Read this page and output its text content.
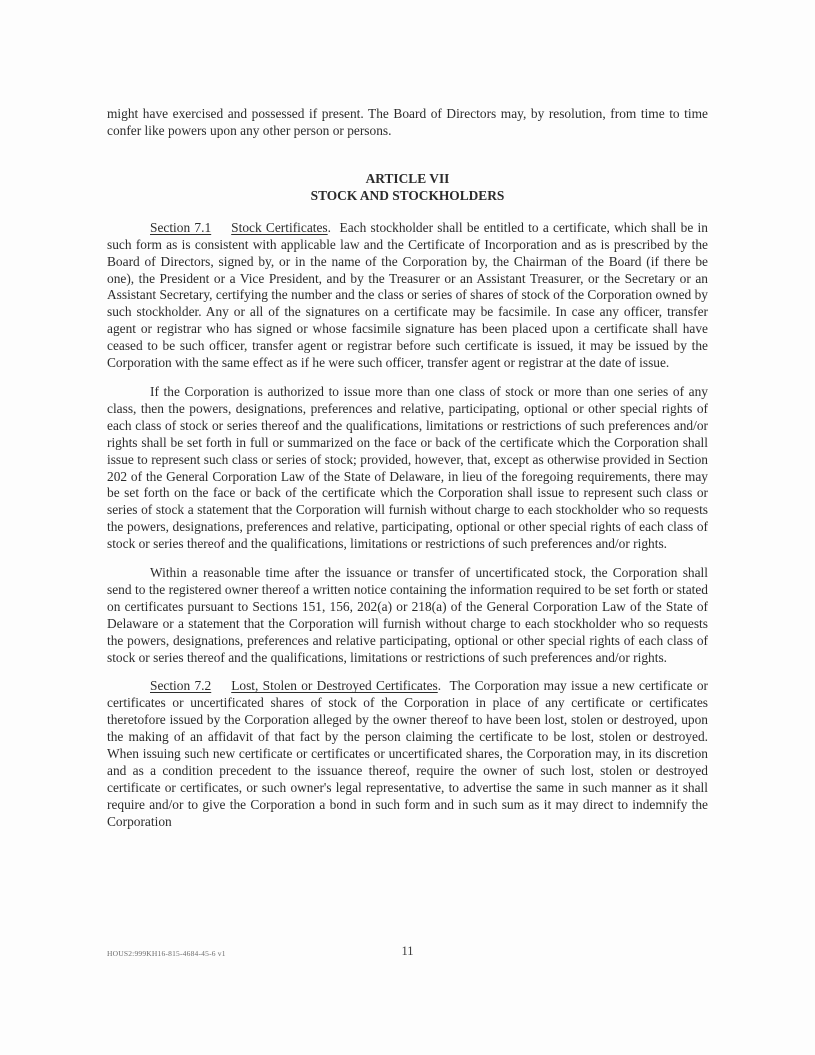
might have exercised and possessed if present. The Board of Directors may, by resolution, from time to time confer like powers upon any other person or persons.

ARTICLE VII
STOCK AND STOCKHOLDERS

Section 7.1 Stock Certificates. Each stockholder shall be entitled to a certificate, which shall be in such form as is consistent with applicable law and the Certificate of Incorporation and as is prescribed by the Board of Directors, signed by, or in the name of the Corporation by, the Chairman of the Board (if there be one), the President or a Vice President, and by the Treasurer or an Assistant Treasurer, or the Secretary or an Assistant Secretary, certifying the number and the class or series of shares of stock of the Corporation owned by such stockholder. Any or all of the signatures on a certificate may be facsimile. In case any officer, transfer agent or registrar who has signed or whose facsimile signature has been placed upon a certificate shall have ceased to be such officer, transfer agent or registrar before such certificate is issued, it may be issued by the Corporation with the same effect as if he were such officer, transfer agent or registrar at the date of issue.

If the Corporation is authorized to issue more than one class of stock or more than one series of any class, then the powers, designations, preferences and relative, participating, optional or other special rights of each class of stock or series thereof and the qualifications, limitations or restrictions of such preferences and/or rights shall be set forth in full or summarized on the face or back of the certificate which the Corporation shall issue to represent such class or series of stock; provided, however, that, except as otherwise provided in Section 202 of the General Corporation Law of the State of Delaware, in lieu of the foregoing requirements, there may be set forth on the face or back of the certificate which the Corporation shall issue to represent such class or series of stock a statement that the Corporation will furnish without charge to each stockholder who so requests the powers, designations, preferences and relative, participating, optional or other special rights of each class of stock or series thereof and the qualifications, limitations or restrictions of such preferences and/or rights.

Within a reasonable time after the issuance or transfer of uncertificated stock, the Corporation shall send to the registered owner thereof a written notice containing the information required to be set forth or stated on certificates pursuant to Sections 151, 156, 202(a) or 218(a) of the General Corporation Law of the State of Delaware or a statement that the Corporation will furnish without charge to each stockholder who so requests the powers, designations, preferences and relative participating, optional or other special rights of each class of stock or series thereof and the qualifications, limitations or restrictions of such preferences and/or rights.

Section 7.2 Lost, Stolen or Destroyed Certificates. The Corporation may issue a new certificate or certificates or uncertificated shares of stock of the Corporation in place of any certificate or certificates theretofore issued by the Corporation alleged by the owner thereof to have been lost, stolen or destroyed, upon the making of an affidavit of that fact by the person claiming the certificate to be lost, stolen or destroyed. When issuing such new certificate or certificates or uncertificated shares, the Corporation may, in its discretion and as a condition precedent to the issuance thereof, require the owner of such lost, stolen or destroyed certificate or certificates, or such owner's legal representative, to advertise the same in such manner as it shall require and/or to give the Corporation a bond in such form and in such sum as it may direct to indemnify the Corporation

HOUS2:999KH16-815-4684-45-6 v1	11
